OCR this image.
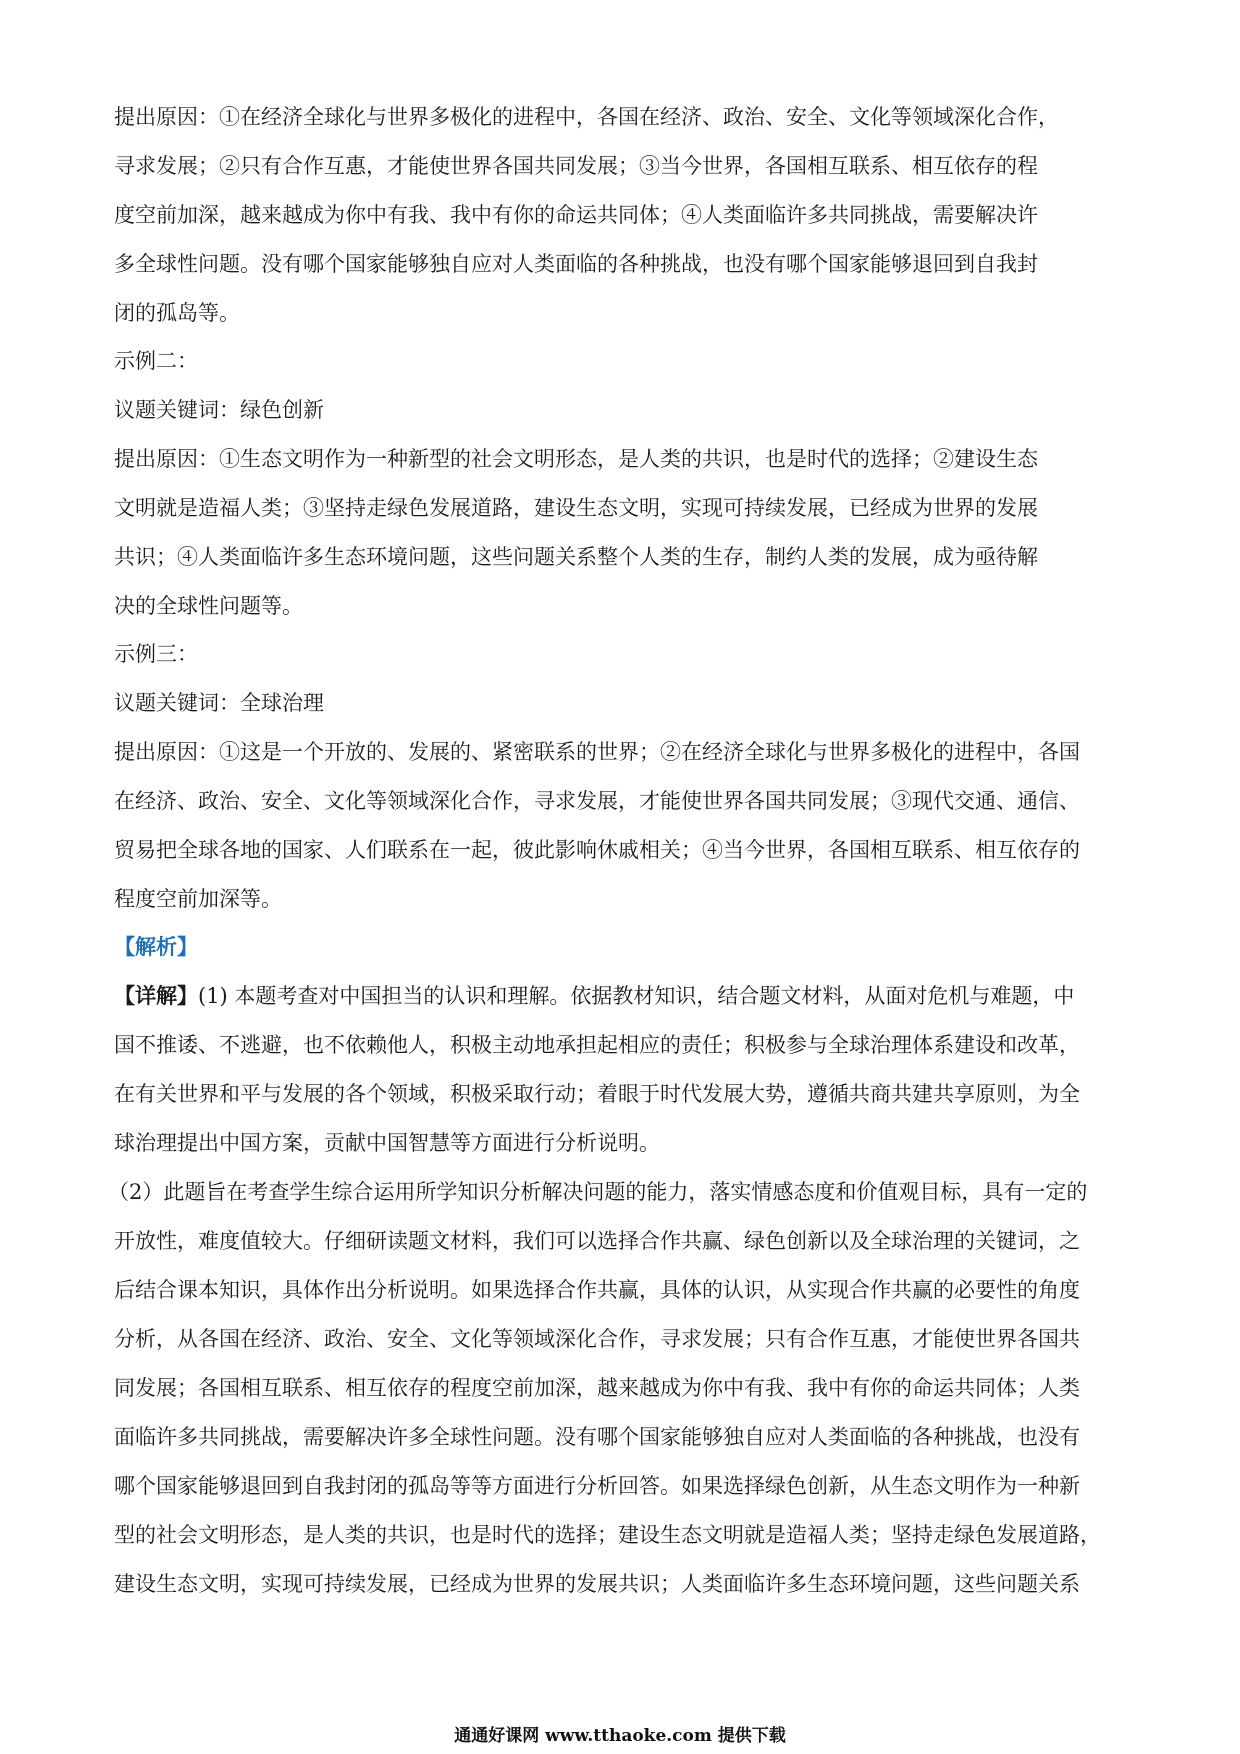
提出原因：①在经济全球化与世界多极化的进程中，各国在经济、政治、安全、文化等领域深化合作，
寻求发展；②只有合作互惠，才能使世界各国共同发展；③当今世界，各国相互联系、相互依存的程
度空前加深，越来越成为你中有我、我中有你的命运共同体；④人类面临许多共同挑战，需要解决许
多全球性问题。没有哪个国家能够独自应对人类面临的各种挑战，也没有哪个国家能够退回到自我封
闭的孤岛等。
示例二：
议题关键词：绿色创新
提出原因：①生态文明作为一种新型的社会文明形态，是人类的共识，也是时代的选择；②建设生态
文明就是造福人类；③坚持走绿色发展道路，建设生态文明，实现可持续发展，已经成为世界的发展
共识；④人类面临许多生态环境问题，这些问题关系整个人类的生存，制约人类的发展，成为亟待解
决的全球性问题等。
示例三：
议题关键词：全球治理
提出原因：①这是一个开放的、发展的、紧密联系的世界；②在经济全球化与世界多极化的进程中，各国
在经济、政治、安全、文化等领域深化合作，寻求发展，才能使世界各国共同发展；③现代交通、通信、
贸易把全球各地的国家、人们联系在一起，彼此影响休戚相关；④当今世界，各国相互联系、相互依存的
程度空前加深等。
【解析】
【详解】(1) 本题考查对中国担当的认识和理解。依据教材知识，结合题文材料，从面对危机与难题，中
国不推诿、不逃避，也不依赖他人，积极主动地承担起相应的责任；积极参与全球治理体系建设和改革，
在有关世界和平与发展的各个领域，积极采取行动；着眼于时代发展大势，遵循共商共建共享原则，为全
球治理提出中国方案，贡献中国智慧等方面进行分析说明。
（2）此题旨在考查学生综合运用所学知识分析解决问题的能力，落实情感态度和价值观目标，具有一定的
开放性，难度值较大。仔细研读题文材料，我们可以选择合作共赢、绿色创新以及全球治理的关键词，之
后结合课本知识，具体作出分析说明。如果选择合作共赢，具体的认识，从实现合作共赢的必要性的角度
分析，从各国在经济、政治、安全、文化等领域深化合作，寻求发展；只有合作互惠，才能使世界各国共
同发展；各国相互联系、相互依存的程度空前加深，越来越成为你中有我、我中有你的命运共同体；人类
面临许多共同挑战，需要解决许多全球性问题。没有哪个国家能够独自应对人类面临的各种挑战，也没有
哪个国家能够退回到自我封闭的孤岛等等方面进行分析回答。如果选择绿色创新，从生态文明作为一种新
型的社会文明形态，是人类的共识，也是时代的选择；建设生态文明就是造福人类；坚持走绿色发展道路，
建设生态文明，实现可持续发展，已经成为世界的发展共识；人类面临许多生态环境问题，这些问题关系
通通好课网 www.tthaoke.com 提供下载
